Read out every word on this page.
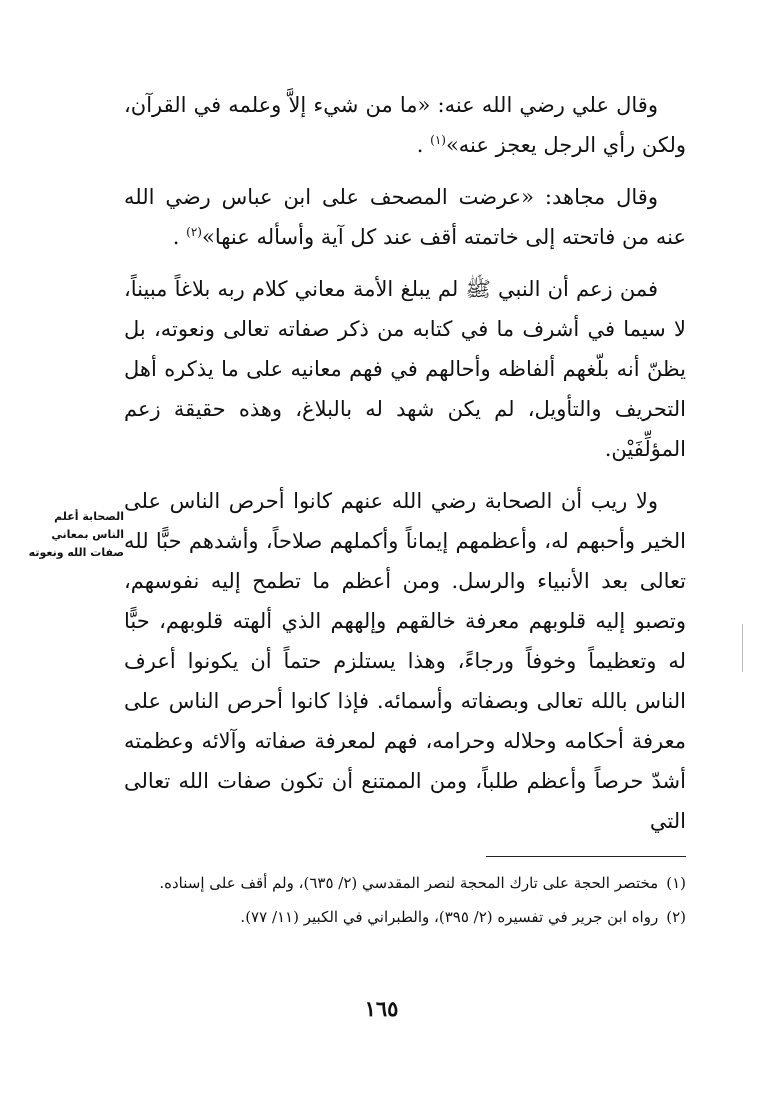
وقال علي رضي الله عنه: «ما من شيء إلاَّ وعلمه في القرآن، ولكن رأي الرجل يعجز عنه»$^{(١)}$ .

وقال مجاهد: «عرضت المصحف على ابن عباس رضي الله عنه من فاتحته إلى خاتمته أقف عند كل آية وأسأله عنها»$^{(٢)}$ .

فمن زعم أن النبي ﷺ لم يبلغ الأمة معاني كلام ربه بلاغاً مبيناً، لا سيما في أشرف ما في كتابه من ذكر صفاته تعالى ونعوته، بل يظنّ أنه بلّغهم ألفاظه وأحالهم في فهم معانيه على ما يذكره أهل التحريف والتأويل، لم يكن شهد له بالبلاغ، وهذه حقيقة زعم المؤلِّفَيْن.

ولا ريب أن الصحابة رضي الله عنهم كانوا أحرص الناس على الخير وأحبهم له، وأعظمهم إيماناً وأكملهم صلاحاً، وأشدهم حبًّا لله تعالى بعد الأنبياء والرسل. ومن أعظم ما تطمح إليه نفوسهم، وتصبو إليه قلوبهم معرفة خالقهم وإلههم الذي ألهته قلوبهم، حبًّا له وتعظيماً وخوفاً ورجاءً، وهذا يستلزم حتماً أن يكونوا أعرف الناس بالله تعالى وبصفاته وأسمائه. فإذا كانوا أحرص الناس على معرفة أحكامه وحلاله وحرامه، فهم لمعرفة صفاته وآلائه وعظمته أشدّ حرصاً وأعظم طلباً، ومن الممتنع أن تكون صفات الله تعالى التي

الصحابة أعلم
الناس بمعاني
صفات الله ونعوته

(١)مختصر الحجة على تارك المحجة لنصر المقدسي (٢/ ٦٣٥)، ولم أقف على إسناده.

(٢)رواه ابن جرير في تفسيره (٢/ ٣٩٥)، والطبراني في الكبير (١١/ ٧٧).

١٦٥
